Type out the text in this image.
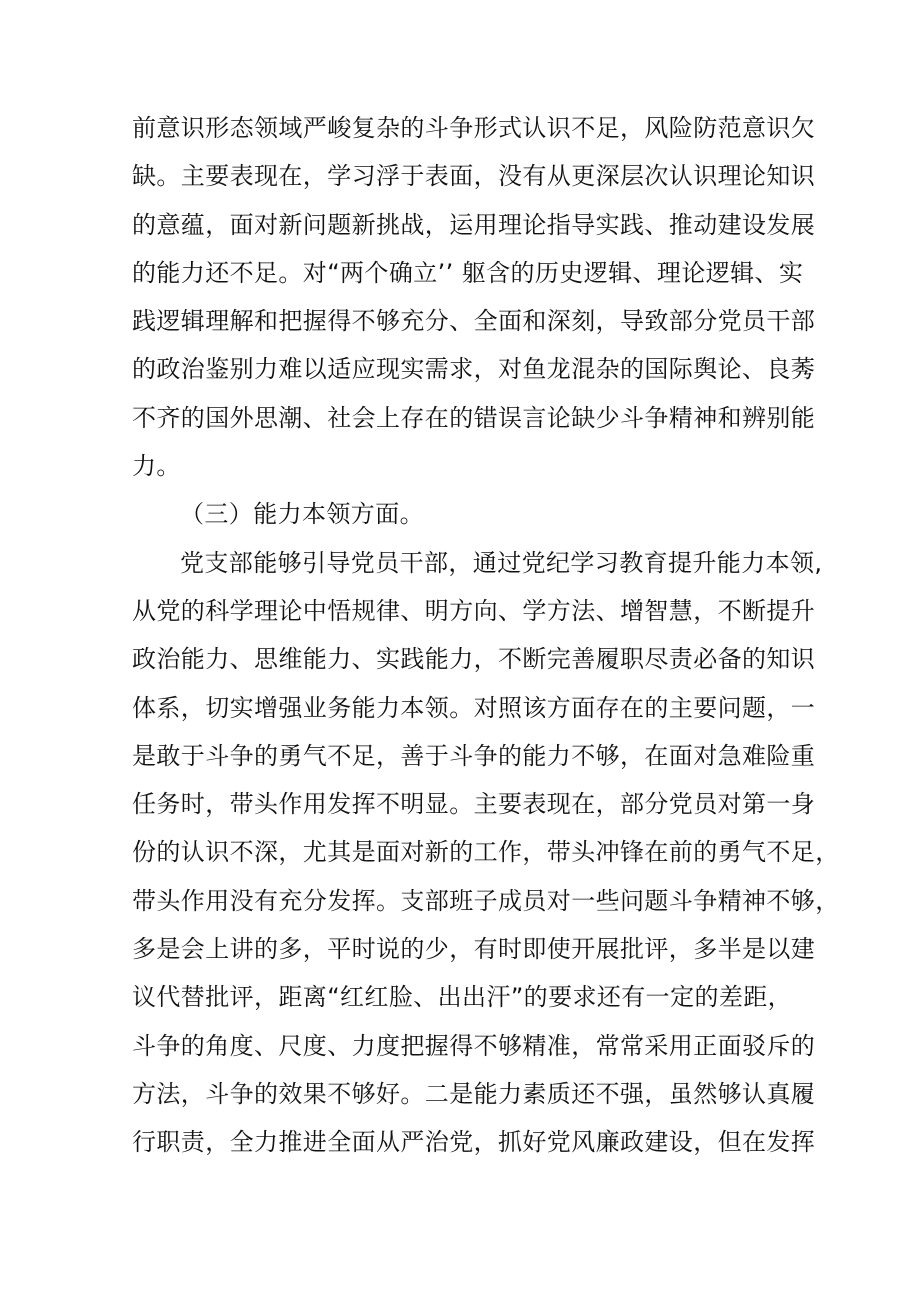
前意识形态领域严峻复杂的斗争形式认识不足，风险防范意识欠
缺。主要表现在，学习浮于表面，没有从更深层次认识理论知识
的意蕴，面对新问题新挑战，运用理论指导实践、推动建设发展
的能力还不足。对“两个确立’’ 躯含的历史逻辑、理论逻辑、实
践逻辑理解和把握得不够充分、全面和深刻，导致部分党员干部
的政治鉴别力难以适应现实需求，对鱼龙混杂的国际舆论、良莠
不齐的国外思潮、社会上存在的错误言论缺少斗争精神和辨别能
力。
（三）能力本领方面。
党支部能够引导党员干部，通过党纪学习教育提升能力本领,
从党的科学理论中悟规律、明方向、学方法、增智慧，不断提升
政治能力、思维能力、实践能力，不断完善履职尽责必备的知识
体系，切实增强业务能力本领。对照该方面存在的主要问题，一
是敢于斗争的勇气不足，善于斗争的能力不够，在面对急难险重
任务时，带头作用发挥不明显。主要表现在，部分党员对第一身
份的认识不深，尤其是面对新的工作，带头冲锋在前的勇气不足，
带头作用没有充分发挥。支部班子成员对一些问题斗争精神不够，
多是会上讲的多，平时说的少，有时即使开展批评，多半是以建
议代替批评，距离“红红脸、出出汗”的要求还有一定的差距，
斗争的角度、尺度、力度把握得不够精准，常常采用正面驳斥的
方法，斗争的效果不够好。二是能力素质还不强，虽然够认真履
行职责，全力推进全面从严治党，抓好党风廉政建设，但在发挥
